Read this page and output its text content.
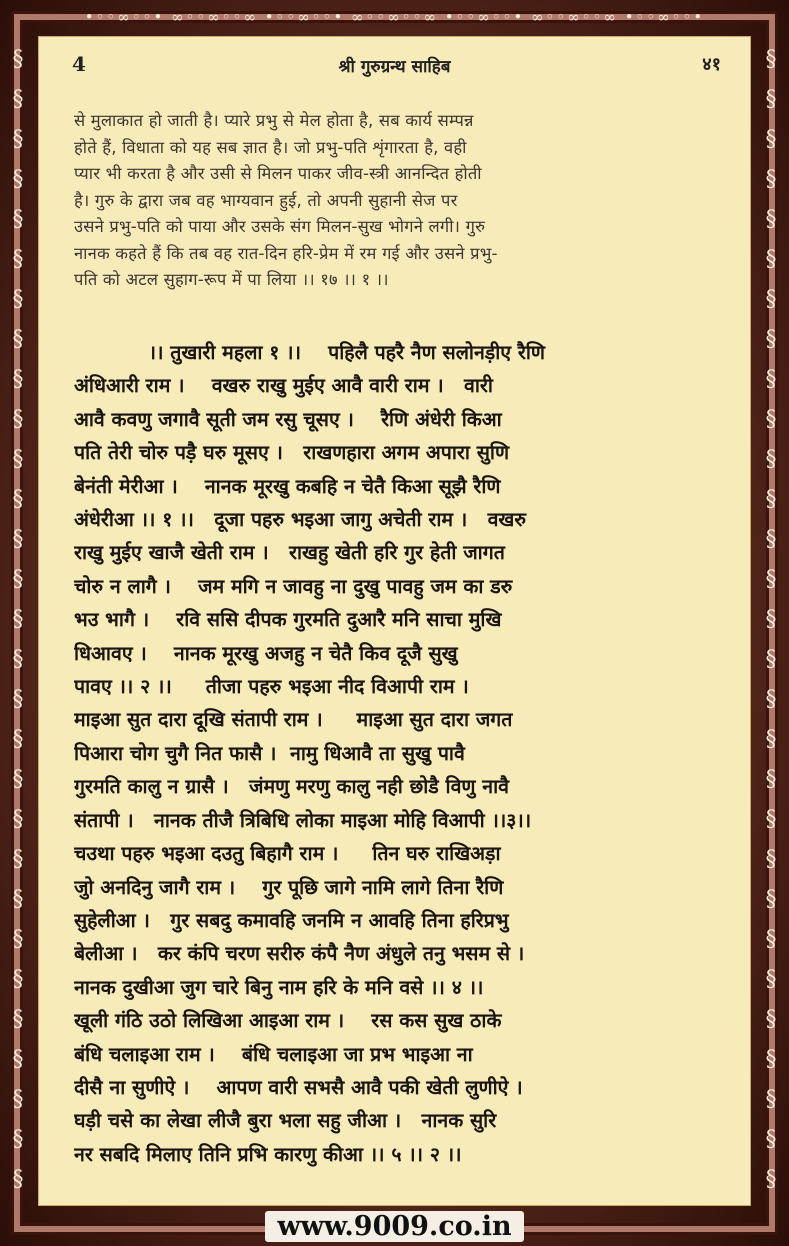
•◦◦∞◦◦• ∞◦◦∞◦◦∞ •◦◦∞◦◦• ∞◦◦∞◦◦∞ •◦◦∞◦◦• ∞◦◦∞◦◦∞ •◦◦∞◦◦•
§ § § § § § § § § § § § § § § § § § § § § § § § § § § § §
§ § § § § § § § § § § § § § § § § § § § § § § § § § § § §
4	श्री गुरुग्रन्थ साहिब	४१
से मुलाकात हो जाती है। प्यारे प्रभु से मेल होता है, सब कार्य सम्पन्न
होते हैं, विधाता को यह सब ज्ञात है। जो प्रभु-पति शृंगारता है, वही
प्यार भी करता है और उसी से मिलन पाकर जीव-स्त्री आनन्दित होती
है। गुरु के द्वारा जब वह भाग्यवान हुई, तो अपनी सुहानी सेज पर
उसने प्रभु-पति को पाया और उसके संग मिलन-सुख भोगने लगी। गुरु
नानक कहते हैं कि तब वह रात-दिन हरि-प्रेम में रम गई और उसने प्रभु-
पति को अटल सुहाग-रूप में पा लिया ।। १७ ।। १ ।।
।। तुखारी महला १ ।।    पहिलै पहरै नैण सलोनड़ीए रैणि
अंधिआरी राम ।    वखरु राखु मुईए आवै वारी राम ।   वारी
आवै कवणु जगावै सूती जम रसु चूसए ।    रैणि अंधेरी किआ
पति तेरी चोरु पड़ै घरु मूसए ।   राखणहारा अगम अपारा सुणि
बेनंती मेरीआ ।    नानक मूरखु कबहि न चेतै किआ सूझै रैणि
अंधेरीआ ।। १ ।।   दूजा पहरु भइआ जागु अचेती राम ।   वखरु
राखु मुईए खाजै खेती राम ।   राखहु खेती हरि गुर हेती जागत
चोरु न लागै ।    जम मगि न जावहु ना दुखु पावहु जम का डरु
भउ भागै ।    रवि ससि दीपक गुरमति दुआरै मनि साचा मुखि
धिआवए ।    नानक मूरखु अजहु न चेतै किव दूजै सुखु
पावए ।। २ ।।     तीजा पहरु भइआ नीद विआपी राम ।
माइआ सुत दारा दूखि संतापी राम ।     माइआ सुत दारा जगत
पिआरा चोग चुगै नित फासै ।  नामु धिआवै ता सुखु पावै
गुरमति कालु न ग्रासै ।   जंमणु मरणु कालु नही छोडै विणु नावै
संतापी ।   नानक तीजै त्रिबिधि लोका माइआ मोहि विआपी ।।३।।
चउथा पहरु भइआ दउतु बिहागै राम ।     तिन घरु राखिअड़ा
जुो अनदिनु जागै राम ।    गुर पूछि जागे नामि लागे तिना रैणि
सुहेलीआ ।   गुर सबदु कमावहि जनमि न आवहि तिना हरिप्रभु
बेलीआ ।   कर कंपि चरण सरीरु कंपै नैण अंधुले तनु भसम से ।
नानक दुखीआ जुग चारे बिनु नाम हरि के मनि वसे ।। ४ ।।
खूली गंठि उठो लिखिआ आइआ राम ।    रस कस सुख ठाके
बंधि चलाइआ राम ।    बंधि चलाइआ जा प्रभ भाइआ ना
दीसै ना सुणीऐ ।    आपण वारी सभसै आवै पकी खेती लुणीऐ ।
घड़ी चसे का लेखा लीजै बुरा भला सहु जीआ ।   नानक सुरि
नर सबदि मिलाए तिनि प्रभि कारणु कीआ ।। ५ ।। २ ।।
www.9009.co.in
